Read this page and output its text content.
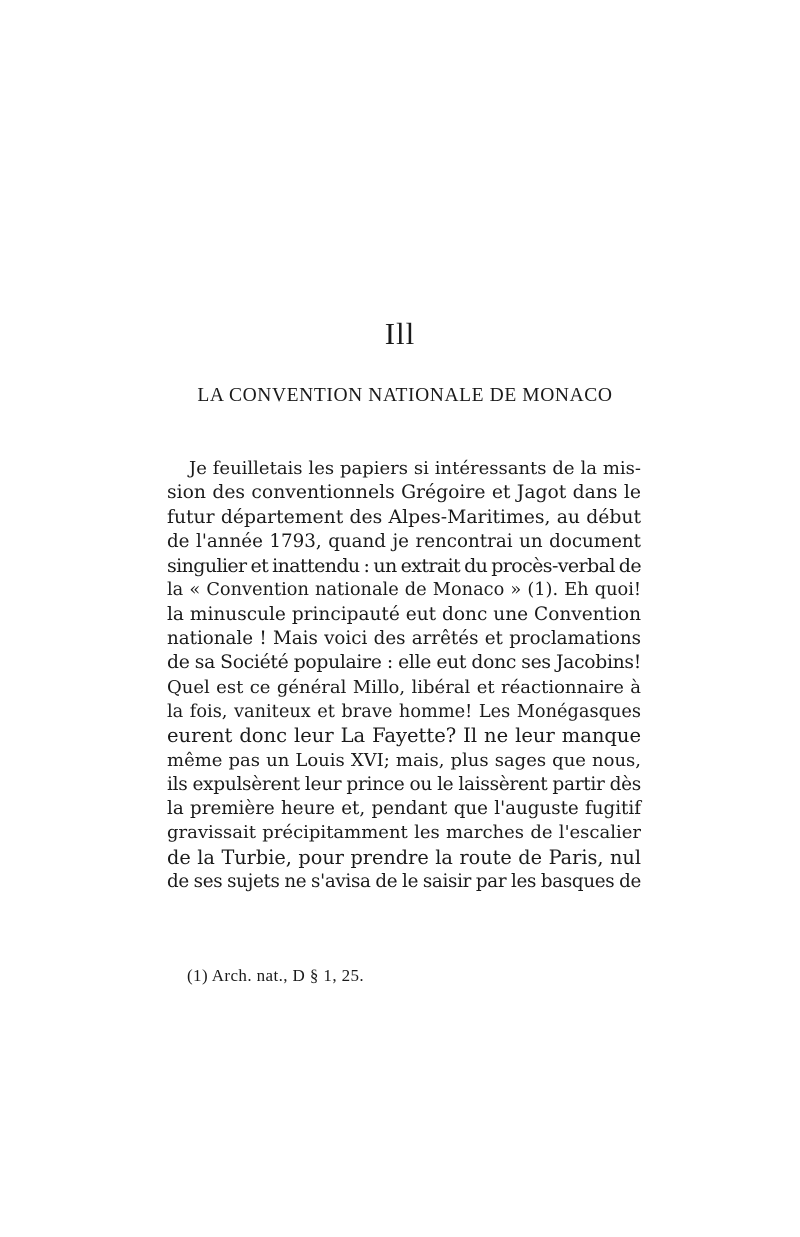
Ill
LA CONVENTION NATIONALE DE MONACO
Je feuilletais les papiers si intéressants de la mis-
sion des conventionnels Grégoire et Jagot dans le
futur département des Alpes-Maritimes, au début
de l'année 1793, quand je rencontrai un document
singulier et inattendu : un extrait du procès-verbal de
la « Convention nationale de Monaco » (1). Eh quoi!
la minuscule principauté eut donc une Convention
nationale ! Mais voici des arrêtés et proclamations
de sa Société populaire : elle eut donc ses Jacobins!
Quel est ce général Millo, libéral et réactionnaire à
la fois, vaniteux et brave homme! Les Monégasques
eurent donc leur La Fayette? Il ne leur manque
même pas un Louis XVI; mais, plus sages que nous,
ils expulsèrent leur prince ou le laissèrent partir dès
la première heure et, pendant que l'auguste fugitif
gravissait précipitamment les marches de l'escalier
de la Turbie, pour prendre la route de Paris, nul
de ses sujets ne s'avisa de le saisir par les basques de
(1) Arch. nat., D § 1, 25.
